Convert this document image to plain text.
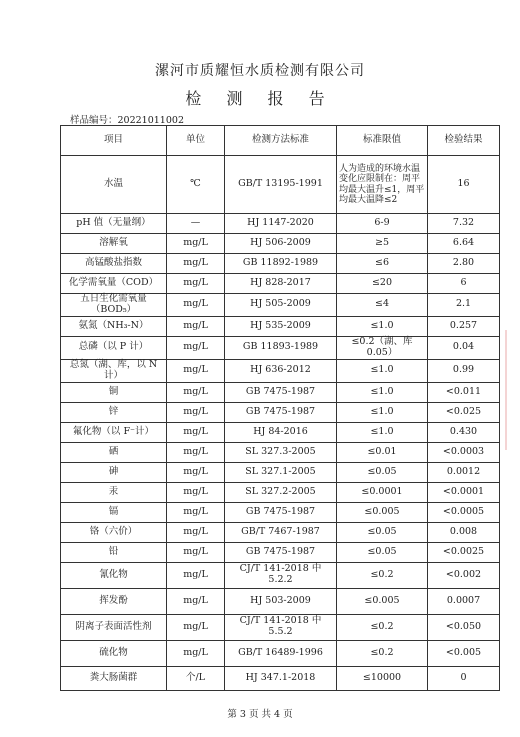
漯河市质耀恒水质检测有限公司
检 测 报 告
样品编号：20221011002
项目	单位	检测方法标准	标准限值	检验结果
水温	℃	GB/T 13195-1991	人为造成的环境水温变化应限制在：周平均最大温升≤1，周平均最大温降≤2	16
pH 值（无量纲）	—	HJ 1147-2020	6-9	7.32
溶解氧	mg/L	HJ 506-2009	≥5	6.64
高锰酸盐指数	mg/L	GB 11892-1989	≤6	2.80
化学需氧量（COD）	mg/L	HJ 828-2017	≤20	6
五日生化需氧量（BOD₅）	mg/L	HJ 505-2009	≤4	2.1
氨氮（NH₃-N）	mg/L	HJ 535-2009	≤1.0	0.257
总磷（以 P 计）	mg/L	GB 11893-1989	≤0.2（湖、库 0.05）	0.04
总氮（湖、库，以 N 计）	mg/L	HJ 636-2012	≤1.0	0.99
铜	mg/L	GB 7475-1987	≤1.0	<0.011
锌	mg/L	GB 7475-1987	≤1.0	<0.025
氟化物（以 F⁻计）	mg/L	HJ 84-2016	≤1.0	0.430
硒	mg/L	SL 327.3-2005	≤0.01	<0.0003
砷	mg/L	SL 327.1-2005	≤0.05	0.0012
汞	mg/L	SL 327.2-2005	≤0.0001	<0.0001
镉	mg/L	GB 7475-1987	≤0.005	<0.0005
铬（六价）	mg/L	GB/T 7467-1987	≤0.05	0.008
铅	mg/L	GB 7475-1987	≤0.05	<0.0025
氰化物	mg/L	CJ/T 141-2018 中 5.2.2	≤0.2	<0.002
挥发酚	mg/L	HJ 503-2009	≤0.005	0.0007
阴离子表面活性剂	mg/L	CJ/T 141-2018 中 5.5.2	≤0.2	<0.050
硫化物	mg/L	GB/T 16489-1996	≤0.2	<0.005
粪大肠菌群	个/L	HJ 347.1-2018	≤10000	0
第 3 页 共 4 页
